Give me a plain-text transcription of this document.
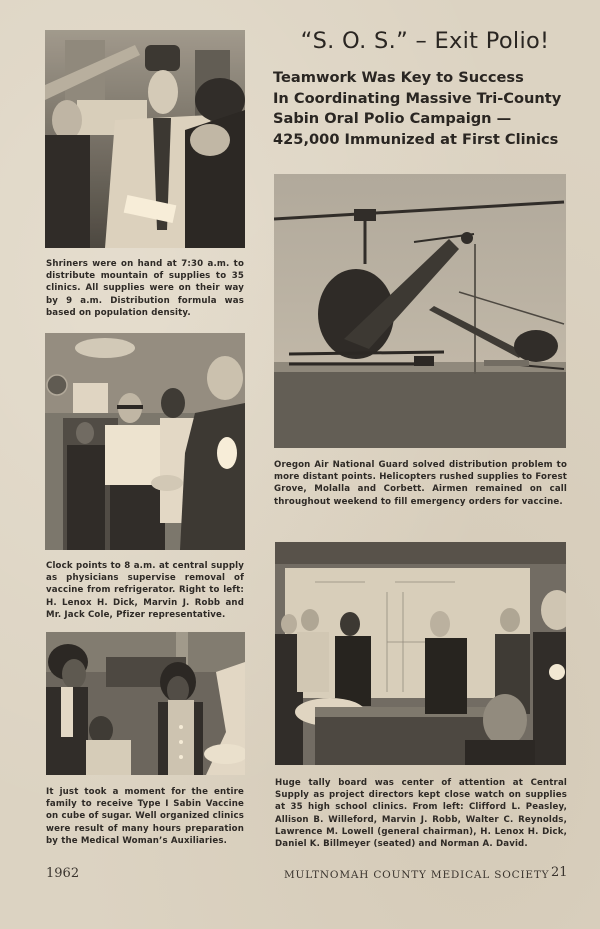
“S. O. S.” – Exit Polio!
Teamwork Was Key to Success
In Coordinating Massive Tri-County
Sabin Oral Polio Campaign —
425,000 Immunized at First Clinics
Shriners were on hand at 7:30 a.m. to distribute mountain of supplies to 35 clinics. All supplies were on their way by 9 a.m. Distribution formula was based on population density.
Clock points to 8 a.m. at central supply as physicians supervise removal of vaccine from refrigerator. Right to left: H. Lenox H. Dick, Marvin J. Robb and Mr. Jack Cole, Pfizer representative.
It just took a moment for the entire family to receive Type I Sabin Vaccine on cube of sugar. Well organized clinics were result of many hours preparation by the Medical Woman’s Auxiliaries.
Oregon Air National Guard solved distribution problem to more distant points. Helicopters rushed supplies to Forest Grove, Molalla and Corbett. Airmen remained on call throughout weekend to fill emergency orders for vaccine.
Huge tally board was center of attention at Central Supply as project directors kept close watch on supplies at 35 high school clinics. From left: Clifford L. Peasley, Allison B. Willeford, Marvin J. Robb, Walter C. Reynolds, Lawrence M. Lowell (general chairman), H. Lenox H. Dick, Daniel K. Billmeyer (seated) and Norman A. David.
1962	MULTNOMAH COUNTY MEDICAL SOCIETY 21
